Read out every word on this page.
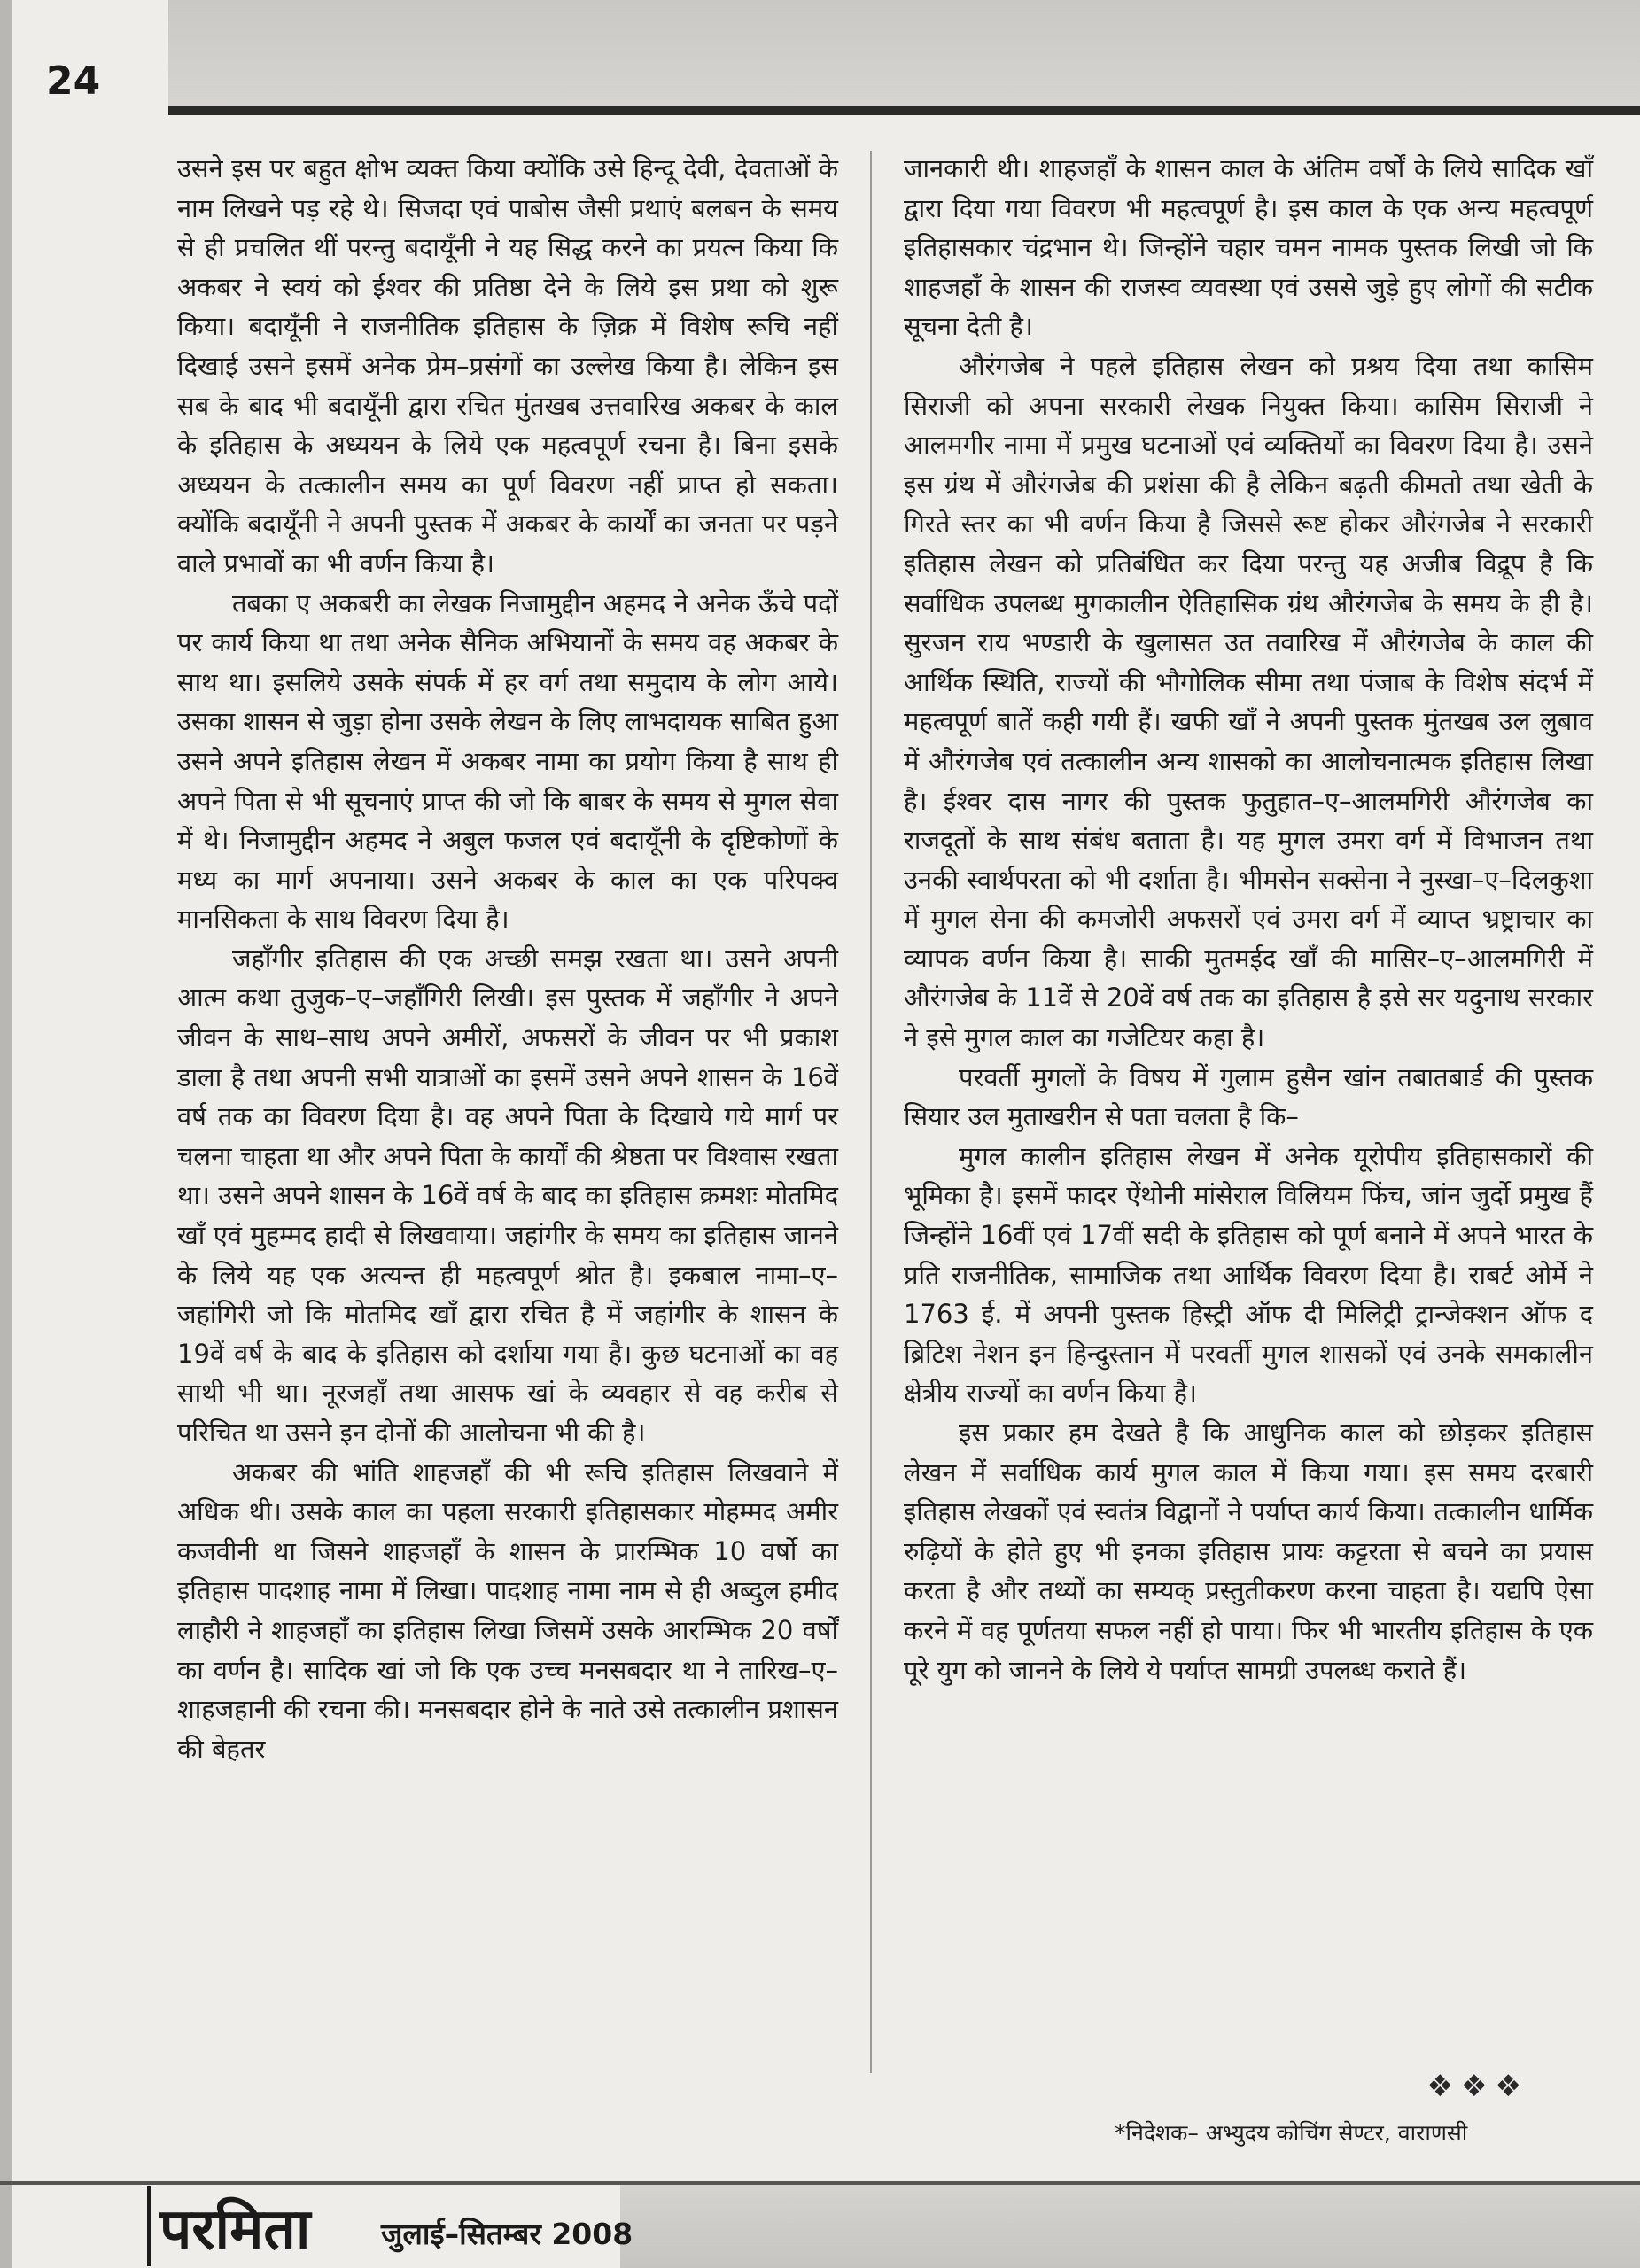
24

उसने इस पर बहुत क्षोभ व्यक्त किया क्योंकि उसे हिन्दू देवी, देवताओं के नाम लिखने पड़ रहे थे। सिजदा एवं पाबोस जैसी प्रथाएं बलबन के समय से ही प्रचलित थीं परन्तु बदायूँनी ने यह सिद्ध करने का प्रयत्न किया कि अकबर ने स्वयं को ईश्वर की प्रतिष्ठा देने के लिये इस प्रथा को शुरू किया। बदायूँनी ने राजनीतिक इतिहास के ज़िक्र में विशेष रूचि नहीं दिखाई उसने इसमें अनेक प्रेम–प्रसंगों का उल्लेख किया है। लेकिन इस सब के बाद भी बदायूँनी द्वारा रचित मुंतखब उत्तवारिख अकबर के काल के इतिहास के अध्ययन के लिये एक महत्वपूर्ण रचना है। बिना इसके अध्ययन के तत्कालीन समय का पूर्ण विवरण नहीं प्राप्त हो सकता। क्योंकि बदायूँनी ने अपनी पुस्तक में अकबर के कार्यों का जनता पर पड़ने वाले प्रभावों का भी वर्णन किया है।

तबका ए अकबरी का लेखक निजामुद्दीन अहमद ने अनेक ऊँचे पदों पर कार्य किया था तथा अनेक सैनिक अभियानों के समय वह अकबर के साथ था। इसलिये उसके संपर्क में हर वर्ग तथा समुदाय के लोग आये। उसका शासन से जुड़ा होना उसके लेखन के लिए लाभदायक साबित हुआ उसने अपने इतिहास लेखन में अकबर नामा का प्रयोग किया है साथ ही अपने पिता से भी सूचनाएं प्राप्त की जो कि बाबर के समय से मुगल सेवा में थे। निजामुद्दीन अहमद ने अबुल फजल एवं बदायूँनी के दृष्टिकोणों के मध्य का मार्ग अपनाया। उसने अकबर के काल का एक परिपक्व मानसिकता के साथ विवरण दिया है।

जहाँगीर इतिहास की एक अच्छी समझ रखता था। उसने अपनी आत्म कथा तुजुक–ए–जहाँगिरी लिखी। इस पुस्तक में जहाँगीर ने अपने जीवन के साथ–साथ अपने अमीरों, अफसरों के जीवन पर भी प्रकाश डाला है तथा अपनी सभी यात्राओं का इसमें उसने अपने शासन के 16वें वर्ष तक का विवरण दिया है। वह अपने पिता के दिखाये गये मार्ग पर चलना चाहता था और अपने पिता के कार्यों की श्रेष्ठता पर विश्वास रखता था। उसने अपने शासन के 16वें वर्ष के बाद का इतिहास क्रमशः मोतमिद खाँ एवं मुहम्मद हादी से लिखवाया। जहांगीर के समय का इतिहास जानने के लिये यह एक अत्यन्त ही महत्वपूर्ण श्रोत है। इकबाल नामा–ए–जहांगिरी जो कि मोतमिद खाँ द्वारा रचित है में जहांगीर के शासन के 19वें वर्ष के बाद के इतिहास को दर्शाया गया है। कुछ घटनाओं का वह साथी भी था। नूरजहाँ तथा आसफ खां के व्यवहार से वह करीब से परिचित था उसने इन दोनों की आलोचना भी की है।

अकबर की भांति शाहजहाँ की भी रूचि इतिहास लिखवाने में अधिक थी। उसके काल का पहला सरकारी इतिहासकार मोहम्मद अमीर कजवीनी था जिसने शाहजहाँ के शासन के प्रारम्भिक 10 वर्षो का इतिहास पादशाह नामा में लिखा। पादशाह नामा नाम से ही अब्दुल हमीद लाहौरी ने शाहजहाँ का इतिहास लिखा जिसमें उसके आरम्भिक 20 वर्षों का वर्णन है। सादिक खां जो कि एक उच्च मनसबदार था ने तारिख–ए–शाहजहानी की रचना की। मनसबदार होने के नाते उसे तत्कालीन प्रशासन की बेहतर

जानकारी थी। शाहजहाँ के शासन काल के अंतिम वर्षों के लिये सादिक खाँ द्वारा दिया गया विवरण भी महत्वपूर्ण है। इस काल के एक अन्य महत्वपूर्ण इतिहासकार चंद्रभान थे। जिन्होंने चहार चमन नामक पुस्तक लिखी जो कि शाहजहाँ के शासन की राजस्व व्यवस्था एवं उससे जुड़े हुए लोगों की सटीक सूचना देती है।

औरंगजेब ने पहले इतिहास लेखन को प्रश्रय दिया तथा कासिम सिराजी को अपना सरकारी लेखक नियुक्त किया। कासिम सिराजी ने आलमगीर नामा में प्रमुख घटनाओं एवं व्यक्तियों का विवरण दिया है। उसने इस ग्रंथ में औरंगजेब की प्रशंसा की है लेकिन बढ़ती कीमतो तथा खेती के गिरते स्तर का भी वर्णन किया है जिससे रूष्ट होकर औरंगजेब ने सरकारी इतिहास लेखन को प्रतिबंधित कर दिया परन्तु यह अजीब विद्रूप है कि सर्वाधिक उपलब्ध मुगकालीन ऐतिहासिक ग्रंथ औरंगजेब के समय के ही है। सुरजन राय भण्डारी के खुलासत उत तवारिख में औरंगजेब के काल की आर्थिक स्थिति, राज्यों की भौगोलिक सीमा तथा पंजाब के विशेष संदर्भ में महत्वपूर्ण बातें कही गयी हैं। खफी खाँ ने अपनी पुस्तक मुंतखब उल लुबाव में औरंगजेब एवं तत्कालीन अन्य शासको का आलोचनात्मक इतिहास लिखा है। ईश्वर दास नागर की पुस्तक फुतुहात–ए–आलमगिरी औरंगजेब का राजदूतों के साथ संबंध बताता है। यह मुगल उमरा वर्ग में विभाजन तथा उनकी स्वार्थपरता को भी दर्शाता है। भीमसेन सक्सेना ने नुस्खा–ए–दिलकुशा में मुगल सेना की कमजोरी अफसरों एवं उमरा वर्ग में व्याप्त भ्रष्ट्राचार का व्यापक वर्णन किया है। साकी मुतमईद खाँ की मासिर–ए–आलमगिरी में औरंगजेब के 11वें से 20वें वर्ष तक का इतिहास है इसे सर यदुनाथ सरकार ने इसे मुगल काल का गजेटियर कहा है।

परवर्ती मुगलों के विषय में गुलाम हुसैन खांन तबातबार्ड की पुस्तक सियार उल मुताखरीन से पता चलता है कि–

मुगल कालीन इतिहास लेखन में अनेक यूरोपीय इतिहासकारों की भूमिका है। इसमें फादर ऐंथोनी मांसेराल विलियम फिंच, जांन जुर्दो प्रमुख हैं जिन्होंने 16वीं एवं 17वीं सदी के इतिहास को पूर्ण बनाने में अपने भारत के प्रति राजनीतिक, सामाजिक तथा आर्थिक विवरण दिया है। राबर्ट ओर्मे ने 1763 ई. में अपनी पुस्तक हिस्ट्री ऑफ दी मिलिट्री ट्रान्जेक्शन ऑफ द ब्रिटिश नेशन इन हिन्दुस्तान में परवर्ती मुगल शासकों एवं उनके समकालीन क्षेत्रीय राज्यों का वर्णन किया है।

इस प्रकार हम देखते है कि आधुनिक काल को छोड़कर इतिहास लेखन में सर्वाधिक कार्य मुगल काल में किया गया। इस समय दरबारी इतिहास लेखकों एवं स्वतंत्र विद्वानों ने पर्याप्त कार्य किया। तत्कालीन धार्मिक रुढ़ियों के होते हुए भी इनका इतिहास प्रायः कट्टरता से बचने का प्रयास करता है और तथ्यों का सम्यक् प्रस्तुतीकरण करना चाहता है। यद्यपि ऐसा करने में वह पूर्णतया सफल नहीं हो पाया। फिर भी भारतीय इतिहास के एक पूरे युग को जानने के लिये ये पर्याप्त सामग्री उपलब्ध कराते हैं।

❖❖❖
*निदेशक– अभ्युदय कोचिंग सेण्टर, वाराणसी
परमिता जुलाई–सितम्बर 2008
